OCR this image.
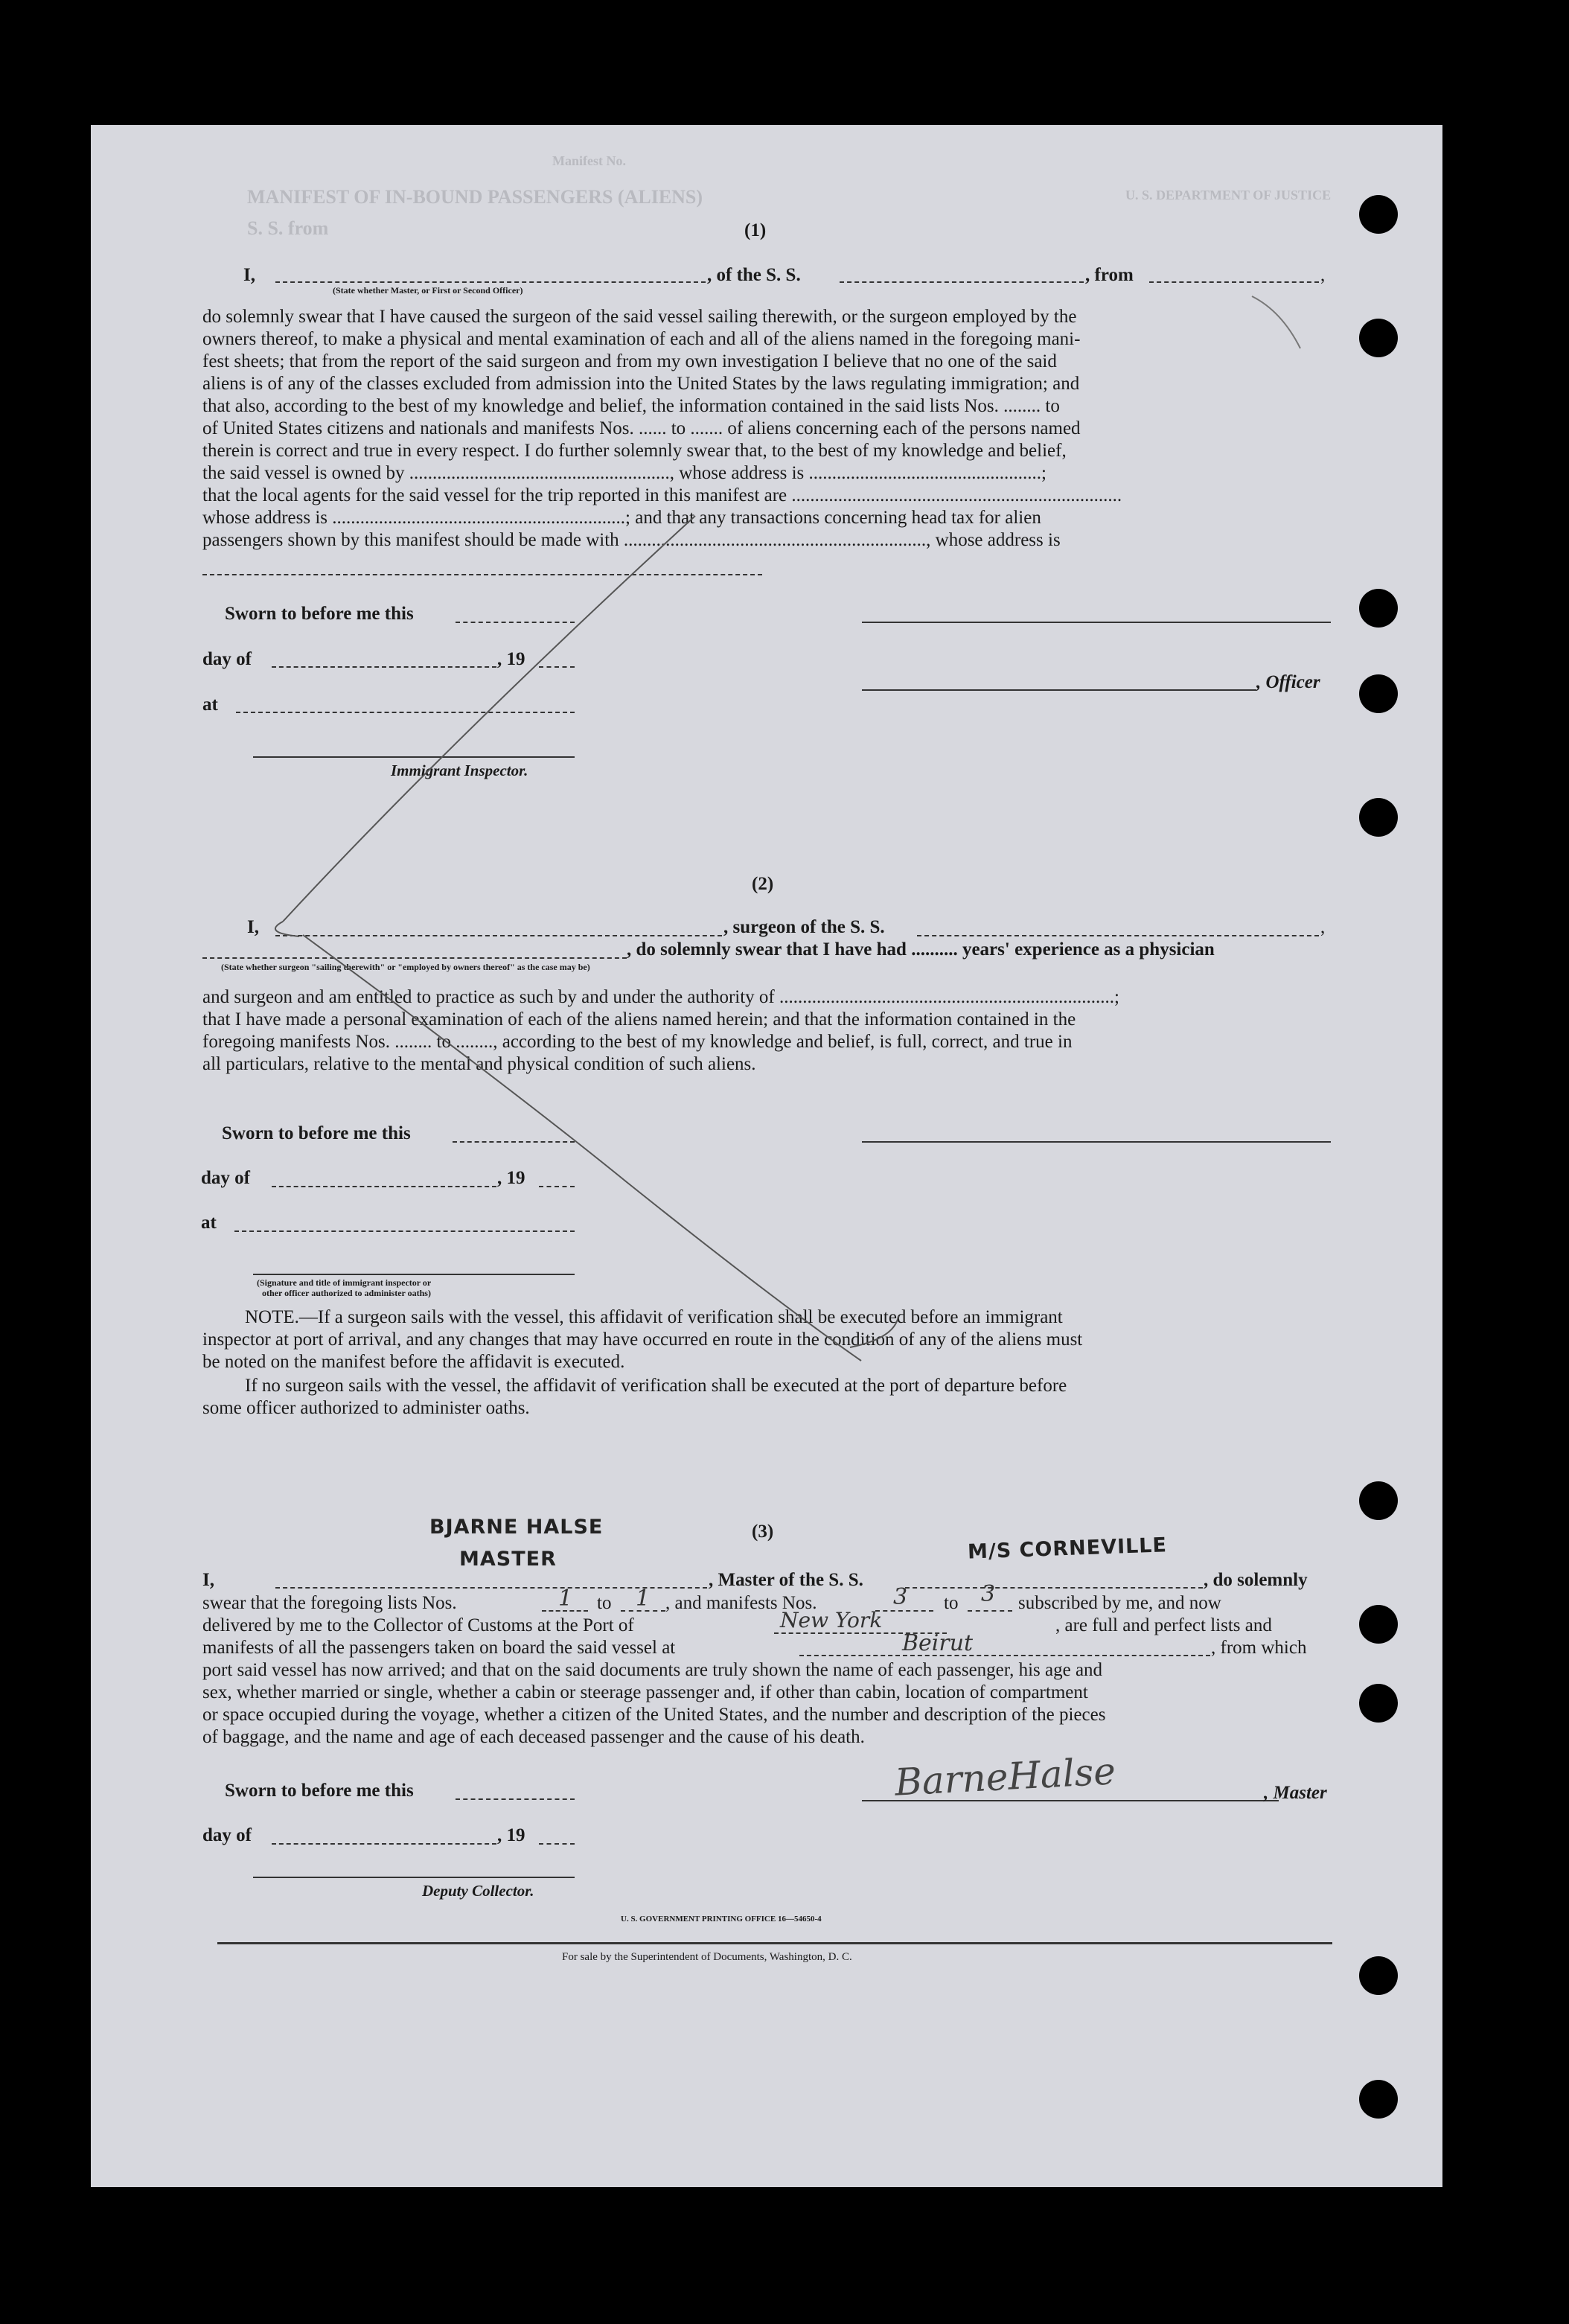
MANIFEST OF IN-BOUND PASSENGERS (ALIENS)
S. S. from
Manifest No.
U. S. DEPARTMENT OF JUSTICE
(1)
I,	, of the S. S.	, from	,
(State whether Master, or First or Second Officer)
do solemnly swear that I have caused the surgeon of the said vessel sailing therewith, or the surgeon employed by the
owners thereof, to make a physical and mental examination of each and all of the aliens named in the foregoing mani-
fest sheets; that from the report of the said surgeon and from my own investigation I believe that no one of the said
aliens is of any of the classes excluded from admission into the United States by the laws regulating immigration; and
that also, according to the best of my knowledge and belief, the information contained in the said lists Nos. ........ to
of United States citizens and nationals and manifests Nos. ...... to ....... of aliens concerning each of the persons named
therein is correct and true in every respect. I do further solemnly swear that, to the best of my knowledge and belief,
the said vessel is owned by ........................................................, whose address is ..................................................;
that the local agents for the said vessel for the trip reported in this manifest are .......................................................................
whose address is ...............................................................; and that any transactions concerning head tax for alien
passengers shown by this manifest should be made with ................................................................., whose address is
Sworn to before me this
day of	, 19
, Officer
at
Immigrant Inspector.
(2)
I,	, surgeon of the S. S.	,
, do solemnly swear that I have had .......... years' experience as a physician
(State whether surgeon "sailing therewith" or "employed by owners thereof" as the case may be)
and surgeon and am entitled to practice as such by and under the authority of ........................................................................;
that I have made a personal examination of each of the aliens named herein; and that the information contained in the
foregoing manifests Nos. ........ to ........, according to the best of my knowledge and belief, is full, correct, and true in
all particulars, relative to the mental and physical condition of such aliens.
Sworn to before me this
day of	, 19
at
(Signature and title of immigrant inspector or
other officer authorized to administer oaths)
NOTE.—If a surgeon sails with the vessel, this affidavit of verification shall be executed before an immigrant
inspector at port of arrival, and any changes that may have occurred en route in the condition of any of the aliens must
be noted on the manifest before the affidavit is executed.
If no surgeon sails with the vessel, the affidavit of verification shall be executed at the port of departure before
some officer authorized to administer oaths.
BJARNE HALSE
MASTER
(3)
M/S CORNEVILLE
I,	, Master of the S. S.	, do solemnly
swear that the foregoing lists Nos.	1 to 1 , and manifests Nos.	3 to 3 subscribed by me, and now
delivered by me to the Collector of Customs at the Port of	New York	, are full and perfect lists and
manifests of all the passengers taken on board the said vessel at	Beirut	, from which
port said vessel has now arrived; and that on the said documents are truly shown the name of each passenger, his age and
sex, whether married or single, whether a cabin or steerage passenger and, if other than cabin, location of compartment
or space occupied during the voyage, whether a citizen of the United States, and the number and description of the pieces
of baggage, and the name and age of each deceased passenger and the cause of his death.
Sworn to before me this	BarneHalse	, Master
day of	, 19
Deputy Collector.
U. S. GOVERNMENT PRINTING OFFICE 16—54650-4
For sale by the Superintendent of Documents, Washington, D. C.
